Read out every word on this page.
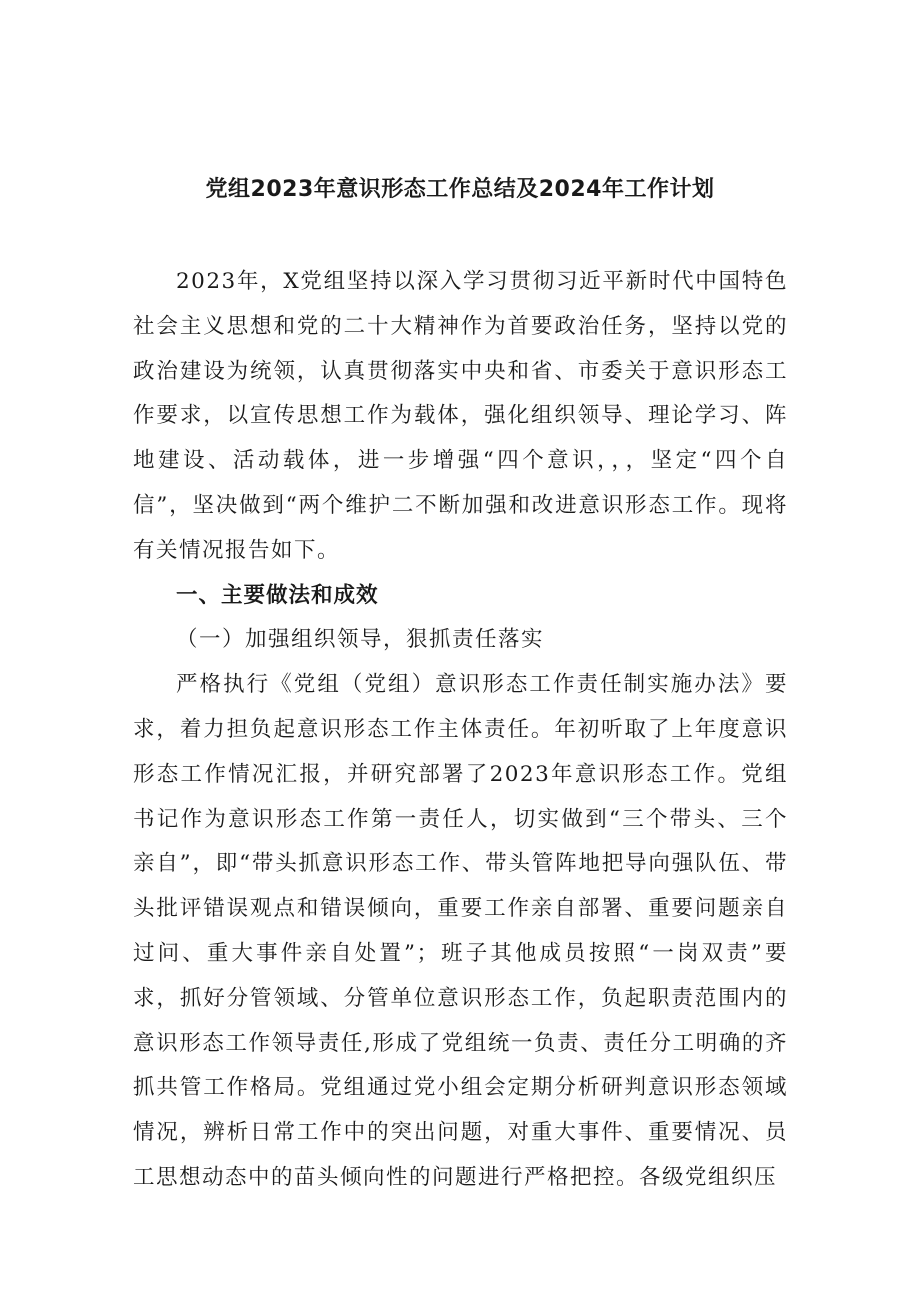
党组2023年意识形态工作总结及2024年工作计划

2023年，X党组坚持以深入学习贯彻习近平新时代中国特色社会主义思想和党的二十大精神作为首要政治任务，坚持以党的政治建设为统领，认真贯彻落实中央和省、市委关于意识形态工作要求，以宣传思想工作为载体，强化组织领导、理论学习、阵地建设、活动载体，进一步增强“四个意识，，，坚定“四个自信”，坚决做到“两个维护二不断加强和改进意识形态工作。现将有关情况报告如下。

一、主要做法和成效

（一）加强组织领导，狠抓责任落实

严格执行《党组（党组）意识形态工作责任制实施办法》要求，着力担负起意识形态工作主体责任。年初听取了上年度意识形态工作情况汇报，并研究部署了2023年意识形态工作。党组书记作为意识形态工作第一责任人，切实做到“三个带头、三个亲自”，即“带头抓意识形态工作、带头管阵地把导向强队伍、带头批评错误观点和错误倾向，重要工作亲自部署、重要问题亲自过问、重大事件亲自处置”；班子其他成员按照“一岗双责”要求，抓好分管领域、分管单位意识形态工作，负起职责范围内的意识形态工作领导责任,形成了党组统一负责、责任分工明确的齐抓共管工作格局。党组通过党小组会定期分析研判意识形态领域情况，辨析日常工作中的突出问题，对重大事件、重要情况、员工思想动态中的苗头倾向性的问题进行严格把控。各级党组织压
